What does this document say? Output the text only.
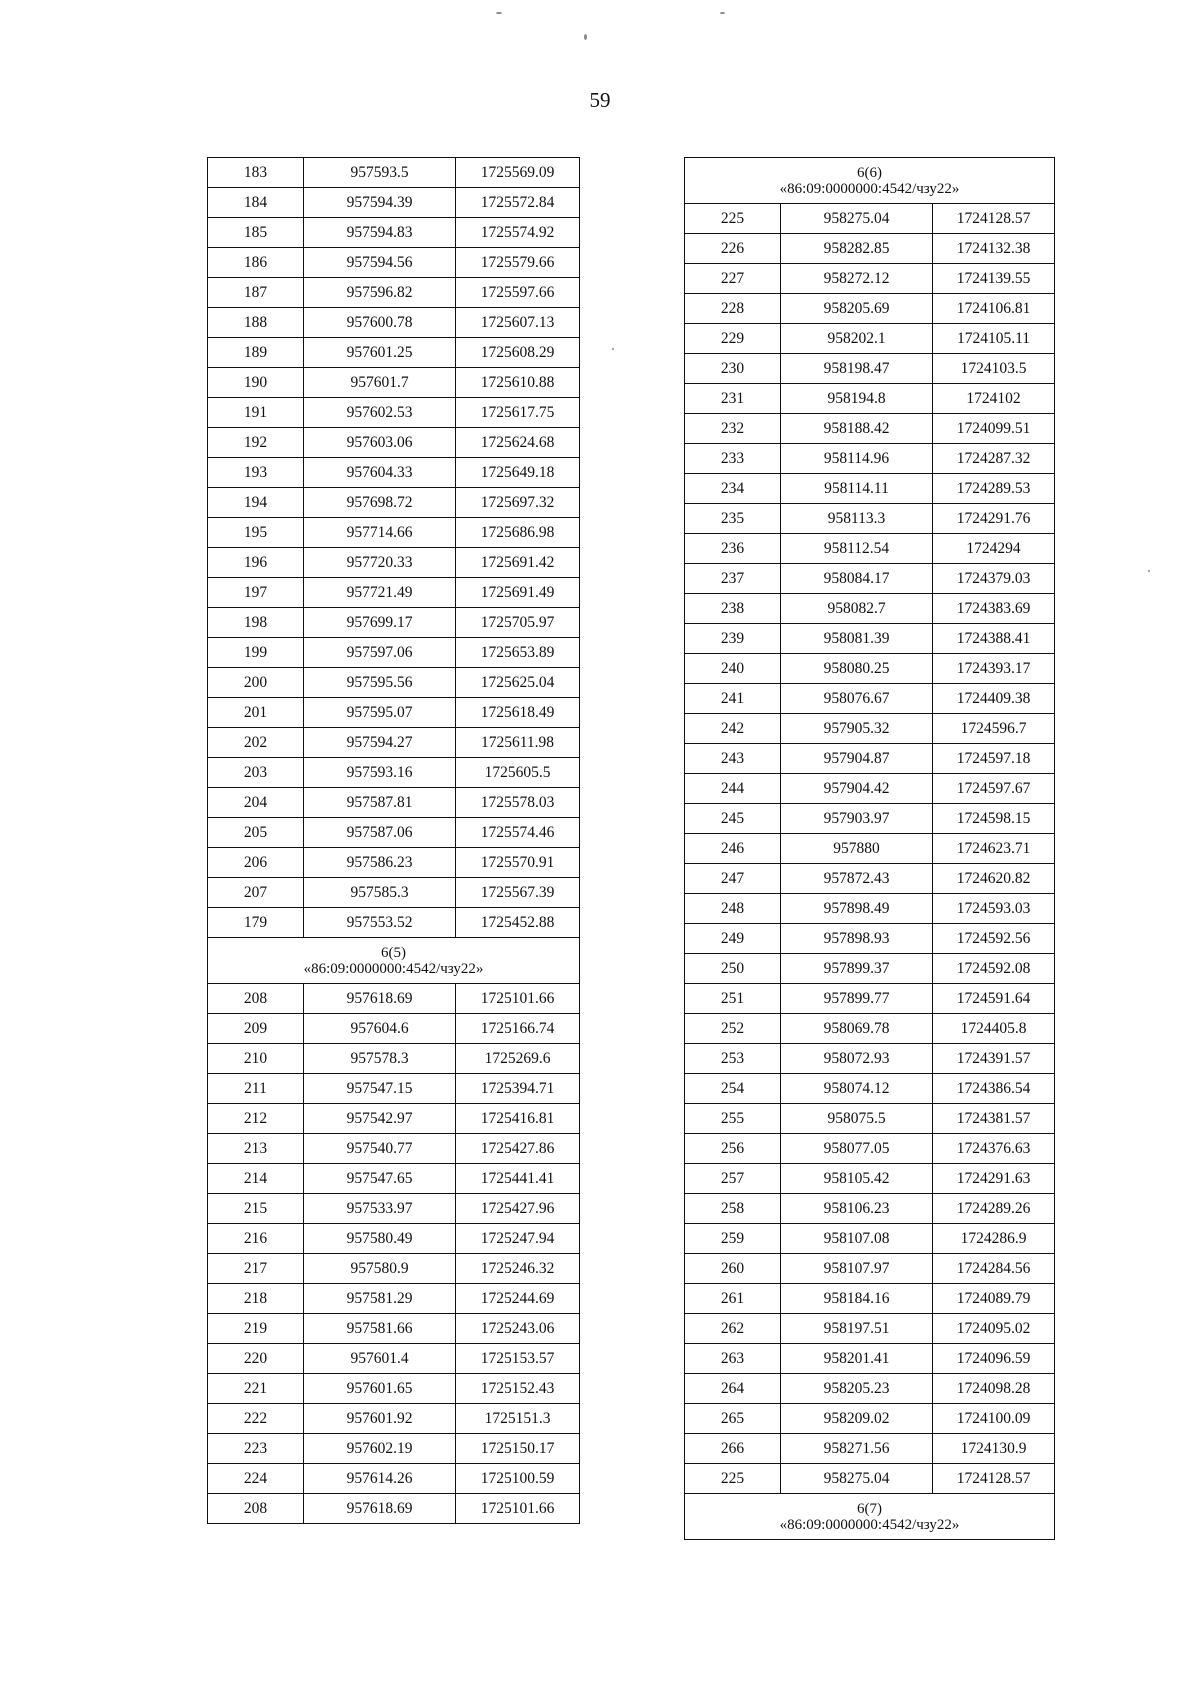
59
183	957593.5	1725569.09
184	957594.39	1725572.84
185	957594.83	1725574.92
186	957594.56	1725579.66
187	957596.82	1725597.66
188	957600.78	1725607.13
189	957601.25	1725608.29
190	957601.7	1725610.88
191	957602.53	1725617.75
192	957603.06	1725624.68
193	957604.33	1725649.18
194	957698.72	1725697.32
195	957714.66	1725686.98
196	957720.33	1725691.42
197	957721.49	1725691.49
198	957699.17	1725705.97
199	957597.06	1725653.89
200	957595.56	1725625.04
201	957595.07	1725618.49
202	957594.27	1725611.98
203	957593.16	1725605.5
204	957587.81	1725578.03
205	957587.06	1725574.46
206	957586.23	1725570.91
207	957585.3	1725567.39
179	957553.52	1725452.88

6(5)
«86:09:0000000:4542/чзу22»		

208	957618.69	1725101.66
209	957604.6	1725166.74
210	957578.3	1725269.6
211	957547.15	1725394.71
212	957542.97	1725416.81
213	957540.77	1725427.86
214	957547.65	1725441.41
215	957533.97	1725427.96
216	957580.49	1725247.94
217	957580.9	1725246.32
218	957581.29	1725244.69
219	957581.66	1725243.06
220	957601.4	1725153.57
221	957601.65	1725152.43
222	957601.92	1725151.3
223	957602.19	1725150.17
224	957614.26	1725100.59
208	957618.69	1725101.66
6(6)
«86:09:0000000:4542/чзу22»		

225	958275.04	1724128.57
226	958282.85	1724132.38
227	958272.12	1724139.55
228	958205.69	1724106.81
229	958202.1	1724105.11
230	958198.47	1724103.5
231	958194.8	1724102
232	958188.42	1724099.51
233	958114.96	1724287.32
234	958114.11	1724289.53
235	958113.3	1724291.76
236	958112.54	1724294
237	958084.17	1724379.03
238	958082.7	1724383.69
239	958081.39	1724388.41
240	958080.25	1724393.17
241	958076.67	1724409.38
242	957905.32	1724596.7
243	957904.87	1724597.18
244	957904.42	1724597.67
245	957903.97	1724598.15
246	957880	1724623.71
247	957872.43	1724620.82
248	957898.49	1724593.03
249	957898.93	1724592.56
250	957899.37	1724592.08
251	957899.77	1724591.64
252	958069.78	1724405.8
253	958072.93	1724391.57
254	958074.12	1724386.54
255	958075.5	1724381.57
256	958077.05	1724376.63
257	958105.42	1724291.63
258	958106.23	1724289.26
259	958107.08	1724286.9
260	958107.97	1724284.56
261	958184.16	1724089.79
262	958197.51	1724095.02
263	958201.41	1724096.59
264	958205.23	1724098.28
265	958209.02	1724100.09
266	958271.56	1724130.9
225	958275.04	1724128.57

6(7)
«86:09:0000000:4542/чзу22»		
